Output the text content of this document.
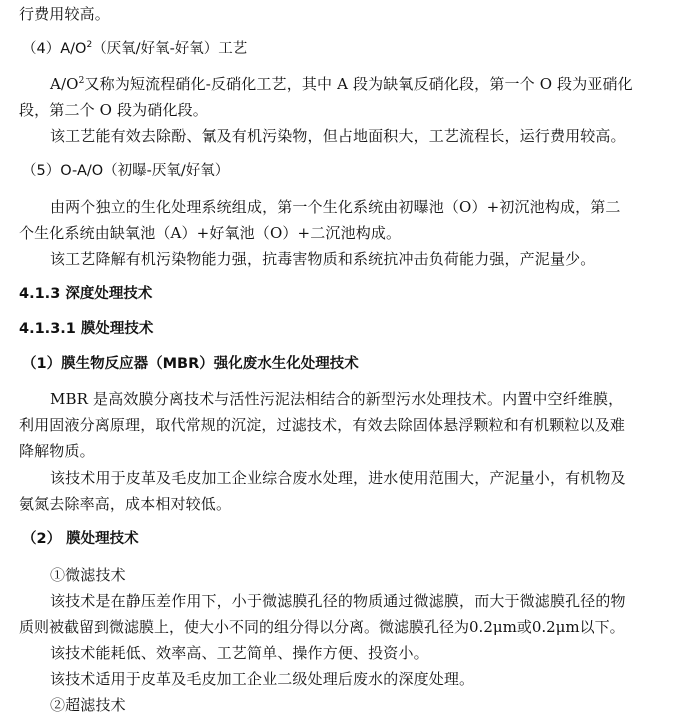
行费用较高。
$(4)A/O^2$（厌氧/好氧-好氧）工艺
$A/O^2$又称为短流程硝化-反硝化工艺，其中 A 段为缺氧反硝化段，第一个 O 段为亚硝化
段，第二个 O 段为硝化段。
该工艺能有效去除酚、氰及有机污染物，但占地面积大，工艺流程长，运行费用较高。
（5）O-A/O（初曝-厌氧/好氧）
由两个独立的生化处理系统组成，第一个生化系统由初曝池（O）+初沉池构成，第二
个生化系统由缺氧池（A）+好氧池（O）+二沉池构成。
该工艺降解有机污染物能力强，抗毒害物质和系统抗冲击负荷能力强，产泥量少。
4.1.3 深度处理技术
4.1.3.1 膜处理技术
（1）膜生物反应器（MBR）强化废水生化处理技术
MBR 是高效膜分离技术与活性污泥法相结合的新型污水处理技术。内置中空纤维膜，
利用固液分离原理，取代常规的沉淀，过滤技术，有效去除固体悬浮颗粒和有机颗粒以及难
降解物质。
该技术用于皮革及毛皮加工企业综合废水处理，进水使用范围大，产泥量小，有机物及
氨氮去除率高，成本相对较低。
（2） 膜处理技术
①微滤技术
该技术是在静压差作用下，小于微滤膜孔径的物质通过微滤膜，而大于微滤膜孔径的物
质则被截留到微滤膜上，使大小不同的组分得以分离。微滤膜孔径为0.2μm或0.2μm以下。
该技术能耗低、效率高、工艺简单、操作方便、投资小。
该技术适用于皮革及毛皮加工企业二级处理后废水的深度处理。
②超滤技术
